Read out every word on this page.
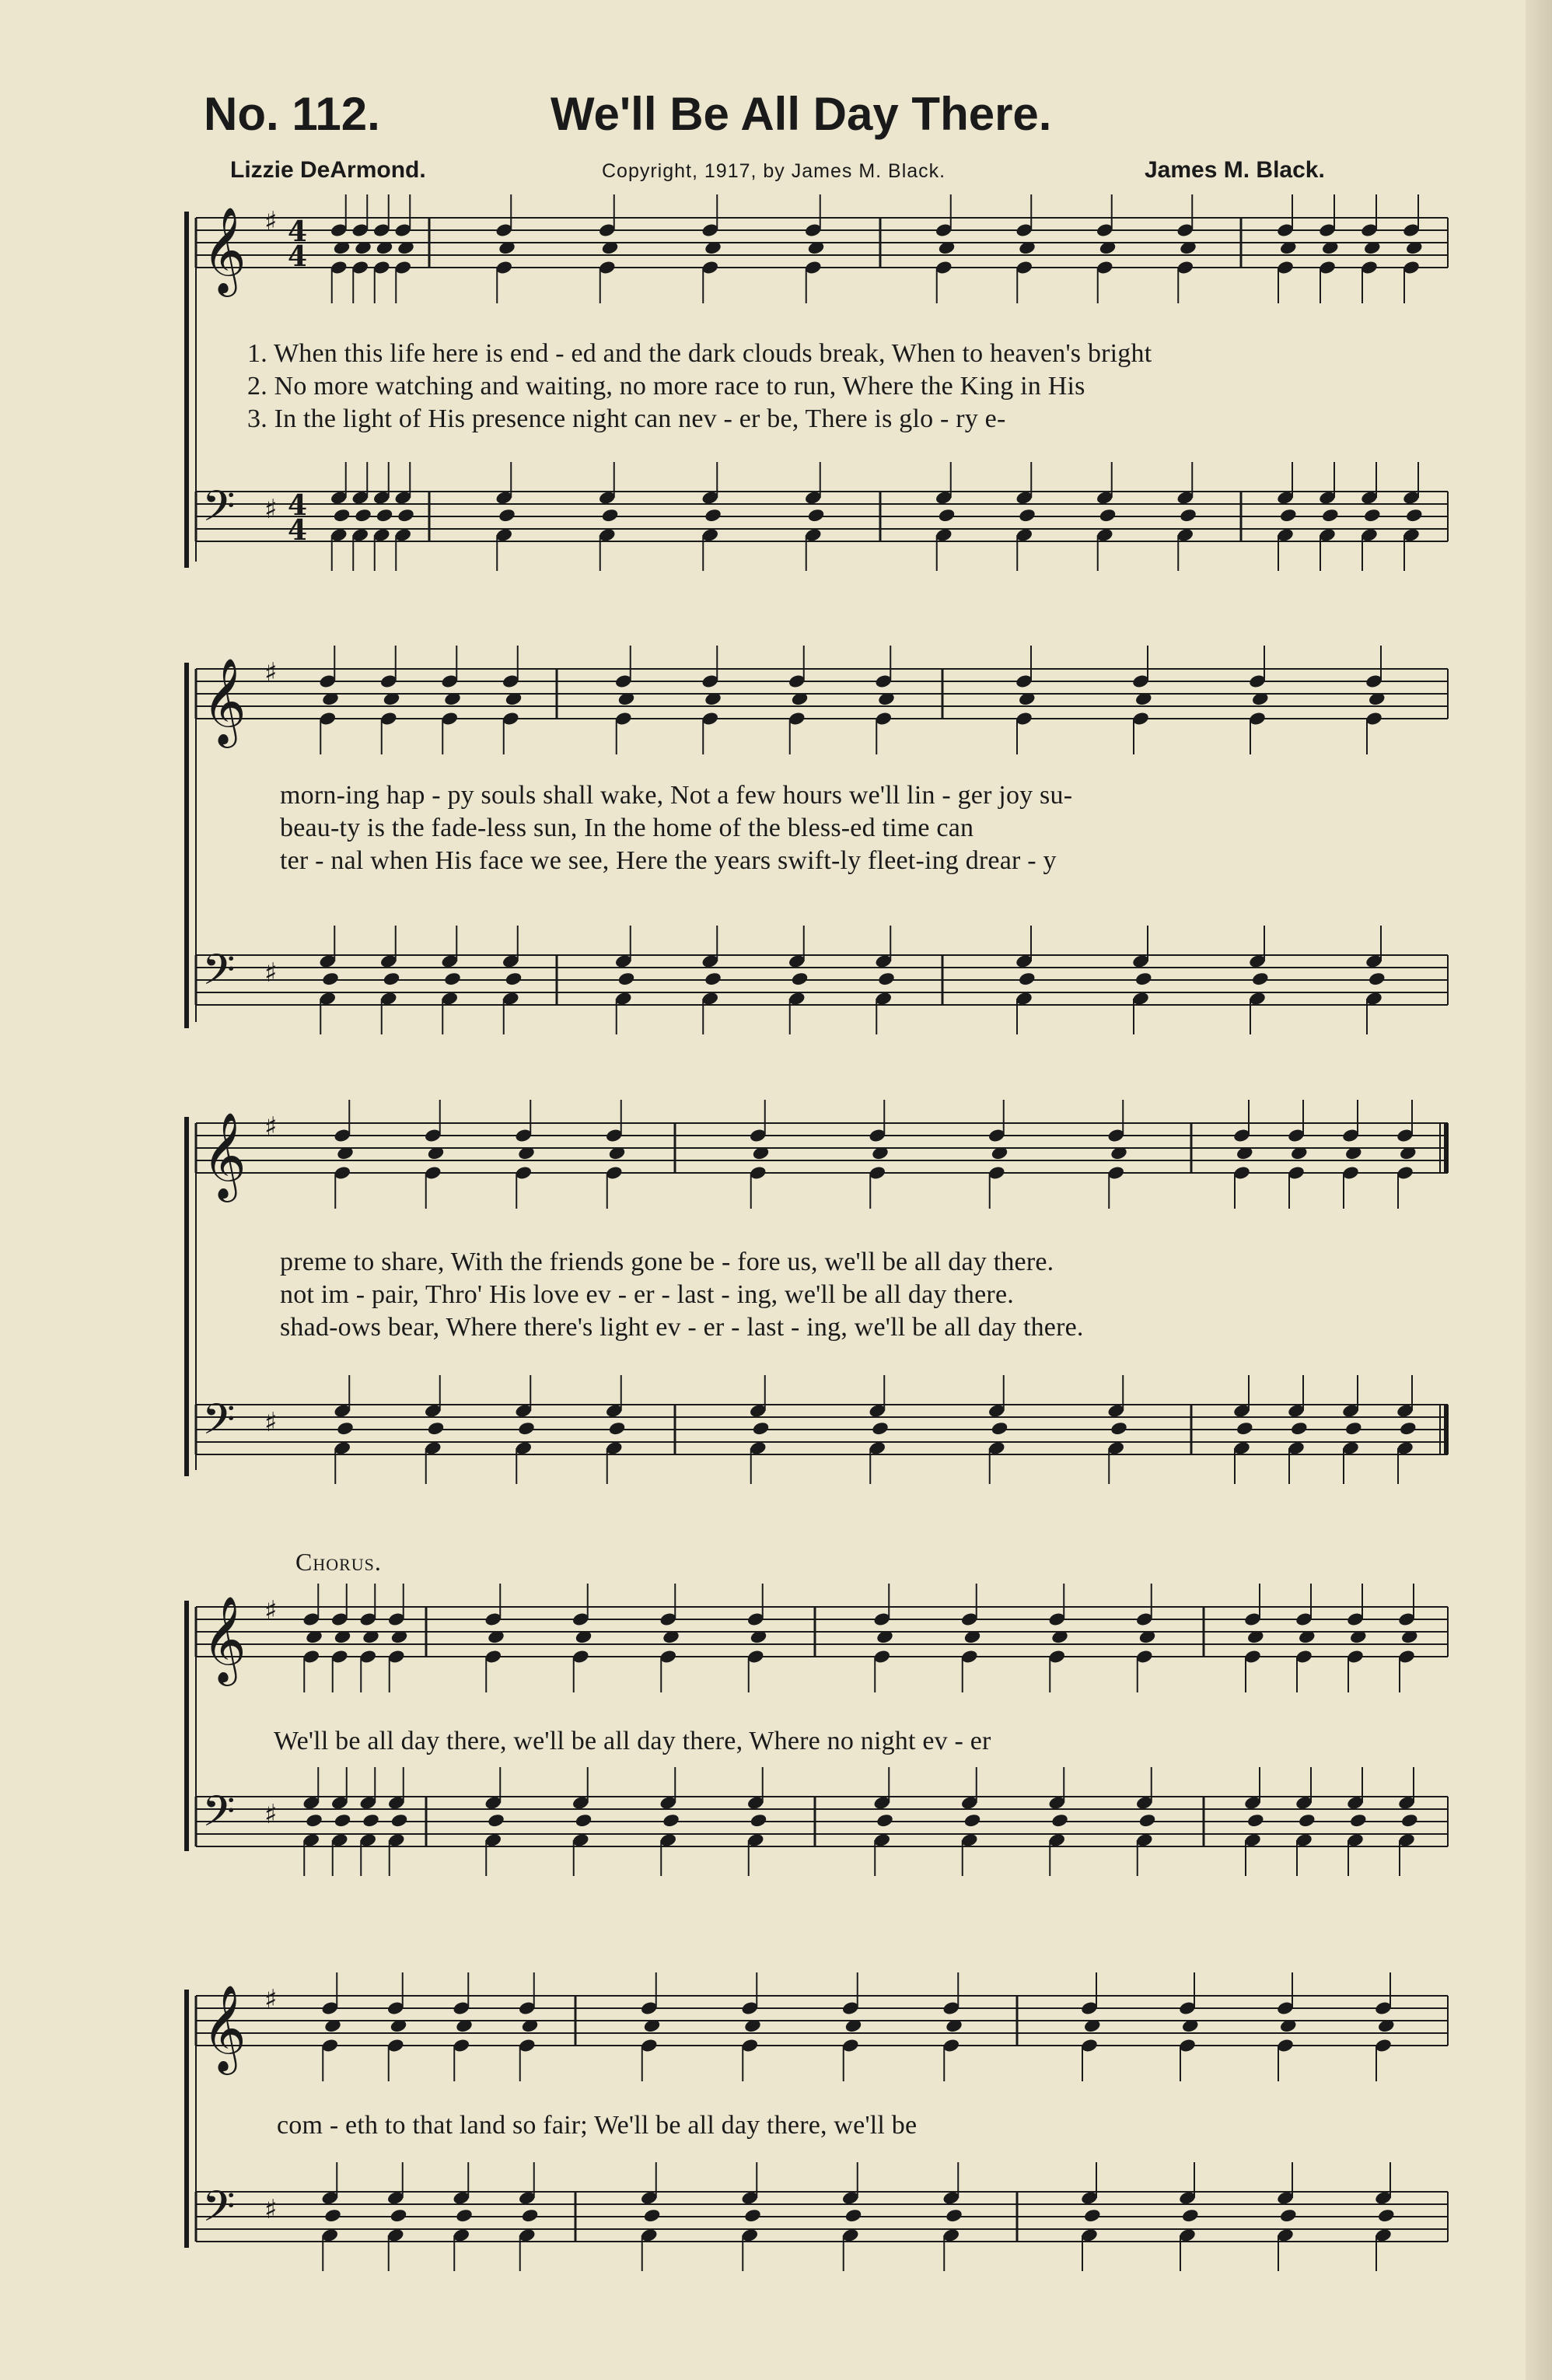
No. 112.	We'll Be All Day There.
Lizzie DeArmond.	Copyright, 1917, by James M. Black.	James M. Black.
𝄞 ♯ 4
4
𝄢 ♯ 4
4
1. When this life here is end - ed and the dark clouds break, When to heaven's bright
2. No more watching and waiting, no more race to run, Where the King in His
3. In the light of His presence night can nev - er be, There is glo - ry e-
𝄞 ♯
𝄢 ♯
morn-ing hap - py souls shall wake, Not a few hours we'll lin - ger joy su-
beau-ty is the fade-less sun, In the home of the bless-ed time can
ter - nal when His face we see, Here the years swift-ly fleet-ing drear - y
𝄞 ♯
𝄢 ♯
preme to share, With the friends gone be - fore us, we'll be all day there.
not im - pair, Thro' His love ev - er - last - ing, we'll be all day there.
shad-ows bear, Where there's light ev - er - last - ing, we'll be all day there.
Chorus.
𝄞 ♯
𝄢 ♯
We'll be all day there, we'll be all day there, Where no night ev - er
𝄞 ♯
𝄢 ♯
com - eth to that land so fair; We'll be all day there, we'll be
